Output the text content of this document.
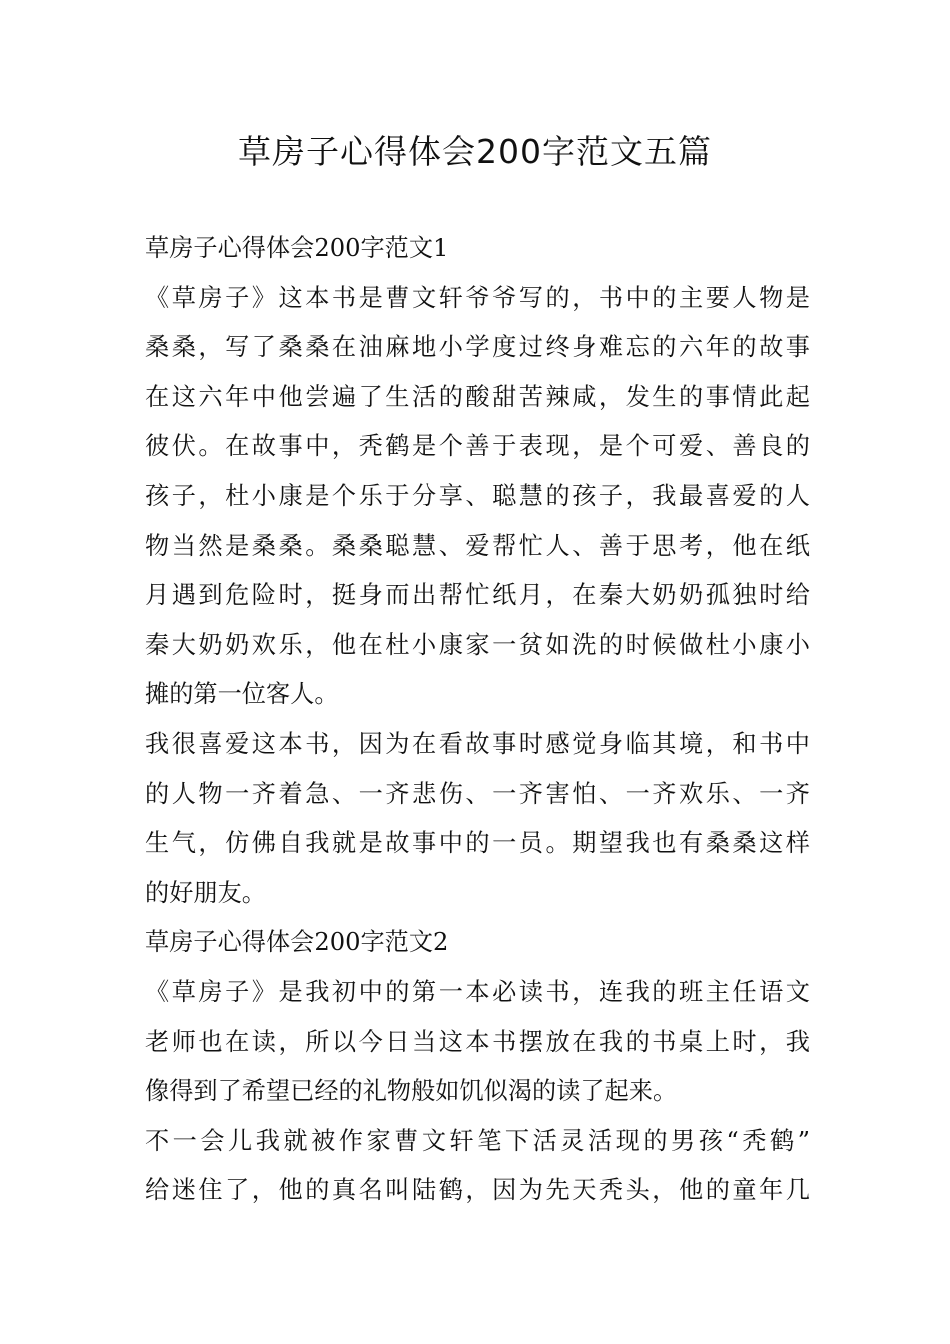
草房子心得体会200字范文五篇
草房子心得体会200字范文1
《草房子》这本书是曹文轩爷爷写的，书中的主要人物是
桑桑，写了桑桑在油麻地小学度过终身难忘的六年的故事
在这六年中他尝遍了生活的酸甜苦辣咸，发生的事情此起
彼伏。在故事中，秃鹤是个善于表现，是个可爱、善良的
孩子，杜小康是个乐于分享、聪慧的孩子，我最喜爱的人
物当然是桑桑。桑桑聪慧、爱帮忙人、善于思考，他在纸
月遇到危险时，挺身而出帮忙纸月，在秦大奶奶孤独时给
秦大奶奶欢乐，他在杜小康家一贫如洗的时候做杜小康小
摊的第一位客人。
我很喜爱这本书，因为在看故事时感觉身临其境，和书中
的人物一齐着急、一齐悲伤、一齐害怕、一齐欢乐、一齐
生气，仿佛自我就是故事中的一员。期望我也有桑桑这样
的好朋友。
草房子心得体会200字范文2
《草房子》是我初中的第一本必读书，连我的班主任语文
老师也在读，所以今日当这本书摆放在我的书桌上时，我
像得到了希望已经的礼物般如饥似渴的读了起来。
不一会儿我就被作家曹文轩笔下活灵活现的男孩“秃鹤”
给迷住了，他的真名叫陆鹤，因为先天秃头，他的童年几
